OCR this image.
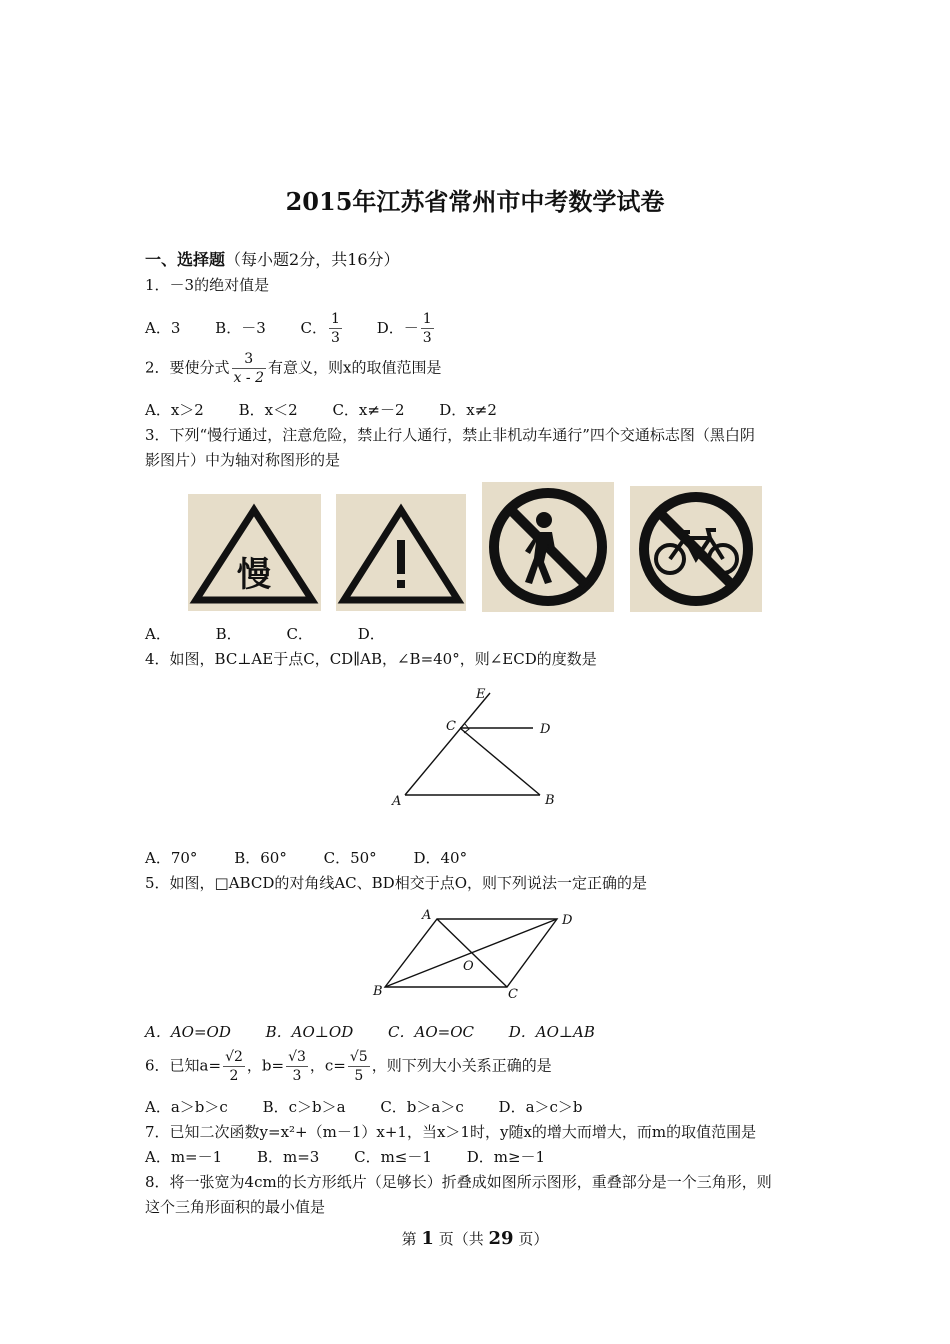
2015年江苏省常州市中考数学试卷
一、选择题（每小题2分，共16分）
1．－3的绝对值是
A．3 B．－3 C． $\frac{1}{3}$ D．－ $\frac{1}{3}$
2．要使分式 $\frac{3}{x - 2}$ 有意义，则x的取值范围是
A．x＞2 B．x＜2 C．x≠－2 D．x≠2
3．下列“慢行通过，注意危险，禁止行人通行，禁止非机动车通行”四个交通标志图（黑白阴
影图片）中为轴对称图形的是
慢
A．	B．	C．	D．
4．如图，BC⊥AE于点C，CD∥AB，∠B=40°，则∠ECD的度数是
E
C	D
A	B
A．70° B．60° C．50° D．40°
5．如图，□ABCD的对角线AC、BD相交于点O，则下列说法一定正确的是
A	D
O
B	C
A．AO=OD B．AO⊥OD C．AO=OC D．AO⊥AB
6．已知$a= \frac{√2}{2}$ ，$b= \frac{√3}{3}$ ，$c= \frac{√5}{5}$ ，则下列大小关系正确的是
A．a＞b＞c B．c＞b＞a C．b＞a＞c D．a＞c＞b
7．已知二次函数y=x²+（m－1）x+1，当x＞1时，y随x的增大而增大，而m的取值范围是
A．m=－1 B．m=3 C．m≤－1 D．m≥－1
8．将一张宽为4cm的长方形纸片（足够长）折叠成如图所示图形，重叠部分是一个三角形，则
这个三角形面积的最小值是
第 1 页（共 29 页）
